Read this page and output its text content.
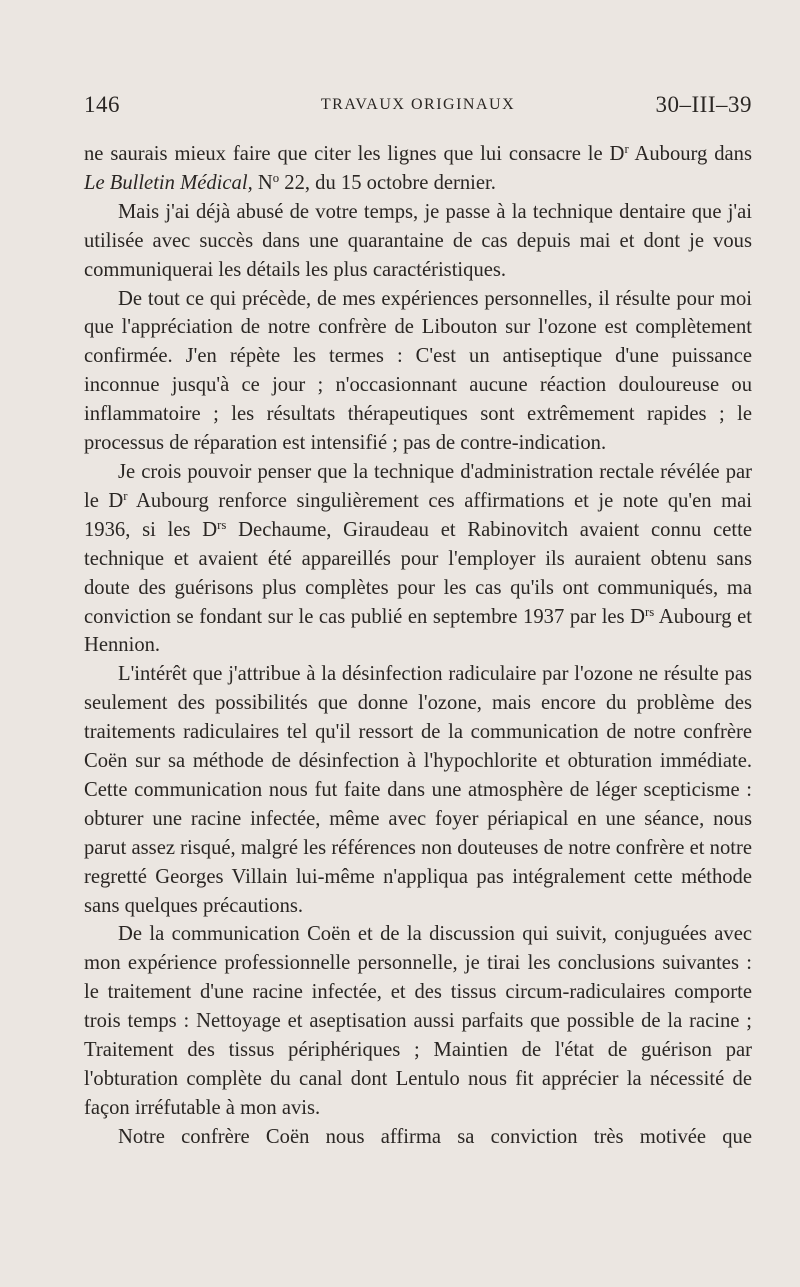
146	TRAVAUX ORIGINAUX	30–III–39

ne saurais mieux faire que citer les lignes que lui consacre le $D^r$ Aubourg dans Le Bulletin Médical, $N^o$ 22, du 15 octobre dernier.

Mais j'ai déjà abusé de votre temps, je passe à la technique dentaire que j'ai utilisée avec succès dans une quarantaine de cas depuis mai et dont je vous communiquerai les détails les plus caractéristiques.

De tout ce qui précède, de mes expériences personnelles, il résulte pour moi que l'appréciation de notre confrère de Libouton sur l'ozone est complètement confirmée. J'en répète les termes : C'est un antiseptique d'une puissance inconnue jusqu'à ce jour ; n'occasionnant aucune réaction douloureuse ou inflammatoire ; les résultats thérapeutiques sont extrêmement rapides ; le processus de réparation est intensifié ; pas de contre-indication.

Je crois pouvoir penser que la technique d'administration rectale révélée par le $D^r$ Aubourg renforce singulièrement ces affirmations et je note qu'en mai 1936, si les $D^{rs}$ Dechaume, Giraudeau et Rabinovitch avaient connu cette technique et avaient été appareillés pour l'employer ils auraient obtenu sans doute des guérisons plus complètes pour les cas qu'ils ont communiqués, ma conviction se fondant sur le cas publié en septembre 1937 par les $D^{rs}$ Aubourg et Hennion.

L'intérêt que j'attribue à la désinfection radiculaire par l'ozone ne résulte pas seulement des possibilités que donne l'ozone, mais encore du problème des traitements radiculaires tel qu'il ressort de la communication de notre confrère Coën sur sa méthode de désinfection à l'hypochlorite et obturation immédiate. Cette communication nous fut faite dans une atmosphère de léger scepticisme : obturer une racine infectée, même avec foyer périapical en une séance, nous parut assez risqué, malgré les références non douteuses de notre confrère et notre regretté Georges Villain lui-même n'appliqua pas intégralement cette méthode sans quelques précautions.

De la communication Coën et de la discussion qui suivit, conjuguées avec mon expérience professionnelle personnelle, je tirai les conclusions suivantes : le traitement d'une racine infectée, et des tissus circum-radiculaires comporte trois temps : Nettoyage et aseptisation aussi parfaits que possible de la racine ; Traitement des tissus périphériques ; Maintien de l'état de guérison par l'obturation complète du canal dont Lentulo nous fit apprécier la nécessité de façon irréfutable à mon avis.

Notre confrère Coën nous affirma sa conviction très motivée que
